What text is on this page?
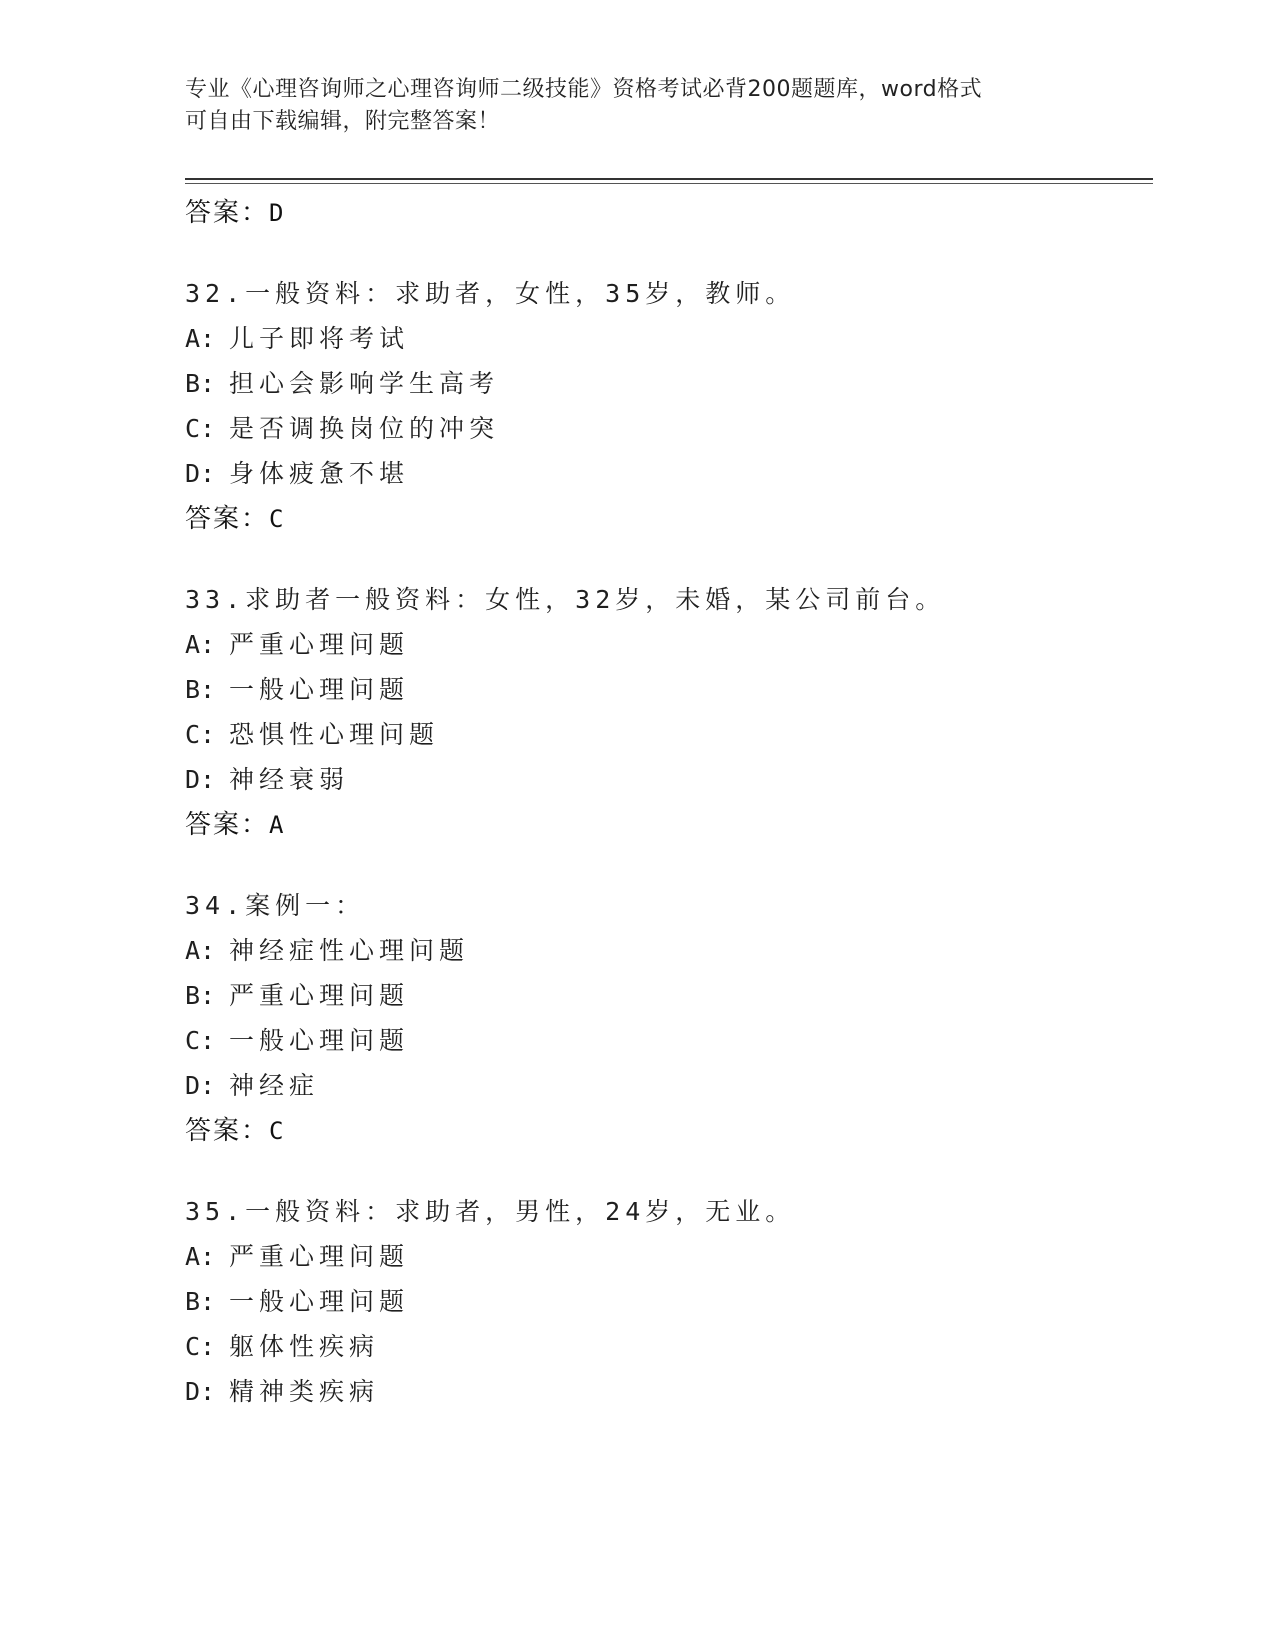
专业《心理咨询师之心理咨询师二级技能》资格考试必背200题题库，word格式
可自由下载编辑，附完整答案！
答案：D
32.一般资料：求助者，女性，35岁，教师。
A: 儿子即将考试
B: 担心会影响学生高考
C: 是否调换岗位的冲突
D: 身体疲惫不堪
答案：C
33.求助者一般资料：女性，32岁，未婚，某公司前台。
A: 严重心理问题
B: 一般心理问题
C: 恐惧性心理问题
D: 神经衰弱
答案：A
34.案例一：
A: 神经症性心理问题
B: 严重心理问题
C: 一般心理问题
D: 神经症
答案：C
35.一般资料：求助者，男性，24岁，无业。
A: 严重心理问题
B: 一般心理问题
C: 躯体性疾病
D: 精神类疾病
